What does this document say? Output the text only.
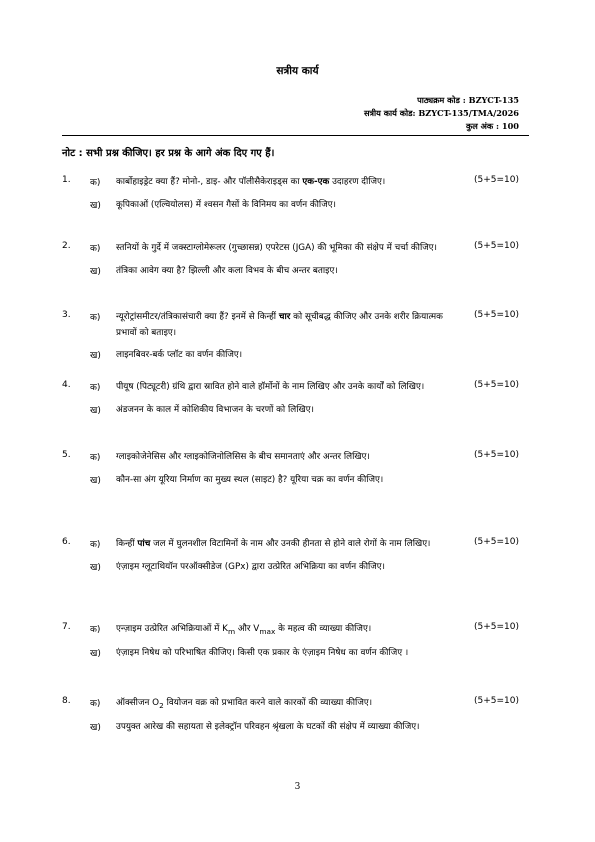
सत्रीय कार्य
पाठ्यक्रम कोड : BZYCT-135
सत्रीय कार्य कोड: BZYCT-135/TMA/2026
कुल अंक : 100
नोट : सभी प्रश्न कीजिए। हर प्रश्न के आगे अंक दिए गए हैं।
1. क) कार्बोहाइड्रेट क्या हैं? मोनो-, डाइ- और पॉलीसैकेराइड्स का एक-एक उदाहरण दीजिए।	(5+5=10)
ख) कूपिकाओं (एल्वियोलस) में श्वसन गैसों के विनिमय का वर्णन कीजिए।
2. क) स्तनियों के गुर्दे में जक्स्टाग्लोमेरूलर (गुच्छासन्न) एपरेटस (JGA) की भूमिका की संक्षेप में चर्चा कीजिए।	(5+5=10)
ख) तंत्रिका आवेग क्या है? झिल्ली और कला विभव के बीच अन्तर बताइए।
3. क) न्यूरोट्रांसमीटर/तंत्रिकासंचारी क्या हैं? इनमें से किन्हीं चार को सूचीबद्ध कीजिए और उनके शरीर क्रियात्मक प्रभावों को बताइए।
(5+5=10)
ख) लाइनबिवर-बर्क प्लॉट का वर्णन कीजिए।
4. क) पीयूष (पिट्यूटरी) ग्रंथि द्वारा स्रावित होने वाले हॉर्मोनों के नाम लिखिए और उनके कार्यों को लिखिए।	(5+5=10)
ख) अंडजनन के काल में कोशिकीय विभाजन के चरणों को लिखिए।
5. क) ग्लाइकोजेनेसिस और ग्लाइकोजिनोलिसिस के बीच समानताएं और अन्तर लिखिए।	(5+5=10)
ख) कौन-सा अंग यूरिया निर्माण का मुख्य स्थल (साइट) है? यूरिया चक्र का वर्णन कीजिए।
6. क) किन्हीं पांच जल में घुलनशील विटामिनों के नाम और उनकी हीनता से होने वाले रोगों के नाम लिखिए।	(5+5=10)
ख) एंज़ाइम ग्लूटाथियॉन परऑक्सीडेज (GPx) द्वारा उत्प्रेरित अभिक्रिया का वर्णन कीजिए।
7. क) एन्ज़ाइम उत्प्रेरित अभिक्रियाओं में $K_m$ और $V_{max}$ के महत्व की व्याख्या कीजिए।	(5+5=10)
ख) एंज़ाइम निषेध को परिभाषित कीजिए। किसी एक प्रकार के एंज़ाइम निषेध का वर्णन कीजिए ।
8. क) ऑक्सीजन $O_2$ वियोजन वक्र को प्रभावित करने वाले कारकों की व्याख्या कीजिए।	(5+5=10)
ख) उपयुक्त आरेख की सहायता से इलेक्ट्रॉन परिवहन श्रृंखला के घटकों की संक्षेप में व्याख्या कीजिए।
3
